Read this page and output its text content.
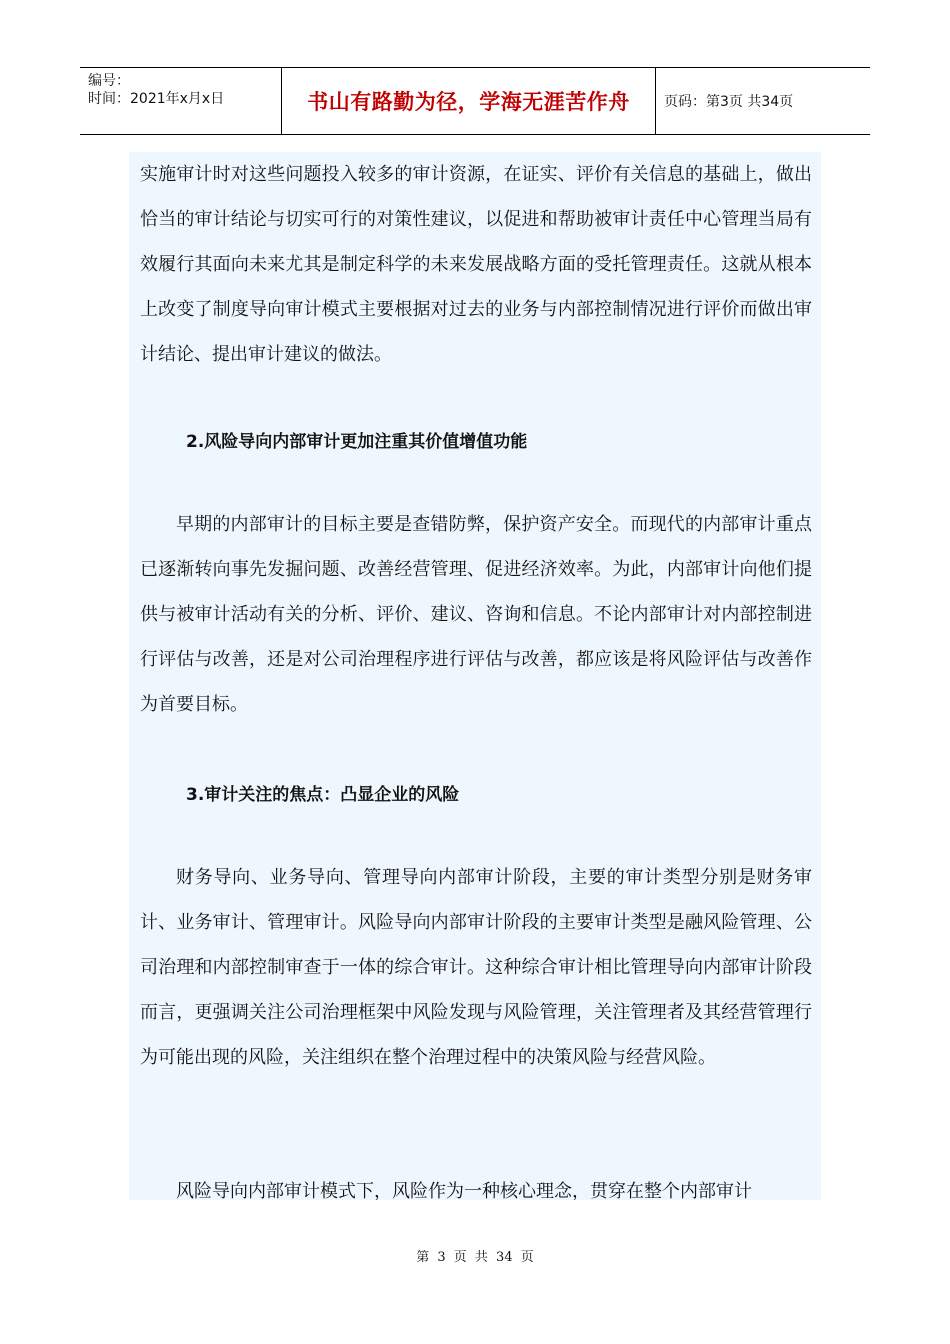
编号：
时间：2021年x月x日	书山有路勤为径，学海无涯苦作舟	页码：第3页 共34页

实施审计时对这些问题投入较多的审计资源，在证实、评价有关信息的基础上，做出恰当的审计结论与切实可行的对策性建议，以促进和帮助被审计责任中心管理当局有效履行其面向未来尤其是制定科学的未来发展战略方面的受托管理责任。这就从根本上改变了制度导向审计模式主要根据对过去的业务与内部控制情况进行评价而做出审计结论、提出审计建议的做法。

2.风险导向内部审计更加注重其价值增值功能

早期的内部审计的目标主要是查错防弊，保护资产安全。而现代的内部审计重点已逐渐转向事先发掘问题、改善经营管理、促进经济效率。为此，内部审计向他们提供与被审计活动有关的分析、评价、建议、咨询和信息。不论内部审计对内部控制进行评估与改善，还是对公司治理程序进行评估与改善，都应该是将风险评估与改善作为首要目标。

3.审计关注的焦点：凸显企业的风险

财务导向、业务导向、管理导向内部审计阶段，主要的审计类型分别是财务审计、业务审计、管理审计。风险导向内部审计阶段的主要审计类型是融风险管理、公司治理和内部控制审查于一体的综合审计。这种综合审计相比管理导向内部审计阶段而言，更强调关注公司治理框架中风险发现与风险管理，关注管理者及其经营管理行为可能出现的风险，关注组织在整个治理过程中的决策风险与经营风险。

风险导向内部审计模式下，风险作为一种核心理念，贯穿在整个内部审计

第 3 页 共 34 页
